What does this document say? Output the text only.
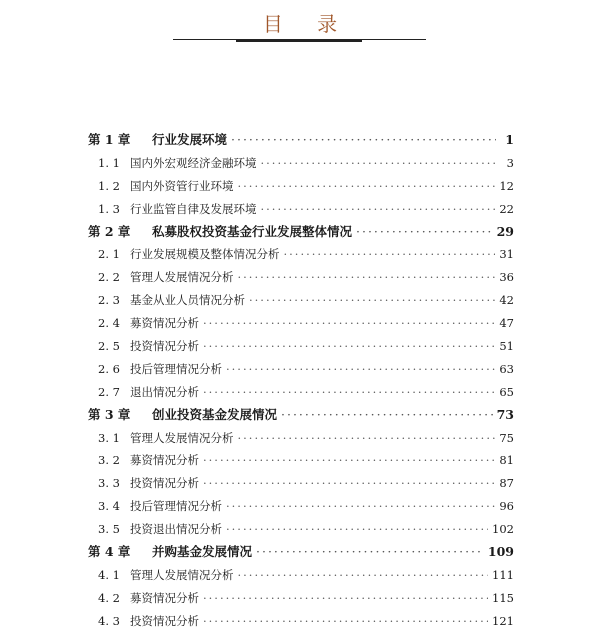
目 录
第 1 章	行业发展环境 ·····	1
1. 1 国内外宏观经济金融环境 ·····	3
1. 2 国内外资管行业环境 ·····	12
1. 3 行业监管自律及发展环境 ·····	22
第 2 章	私募股权投资基金行业发展整体情况 ·····	29
2. 1 行业发展规模及整体情况分析 ·····	31
2. 2 管理人发展情况分析 ·····	36
2. 3 基金从业人员情况分析 ·····	42
2. 4 募资情况分析 ·····	47
2. 5 投资情况分析 ·····	51
2. 6 投后管理情况分析 ·····	63
2. 7 退出情况分析 ·····	65
第 3 章	创业投资基金发展情况 ·····	73
3. 1 管理人发展情况分析 ·····	75
3. 2 募资情况分析 ·····	81
3. 3 投资情况分析 ·····	87
3. 4 投后管理情况分析 ·····	96
3. 5 投资退出情况分析 ·····	102
第 4 章	并购基金发展情况 ·····	109
4. 1 管理人发展情况分析 ·····	111
4. 2 募资情况分析 ·····	115
4. 3 投资情况分析 ·····	121
